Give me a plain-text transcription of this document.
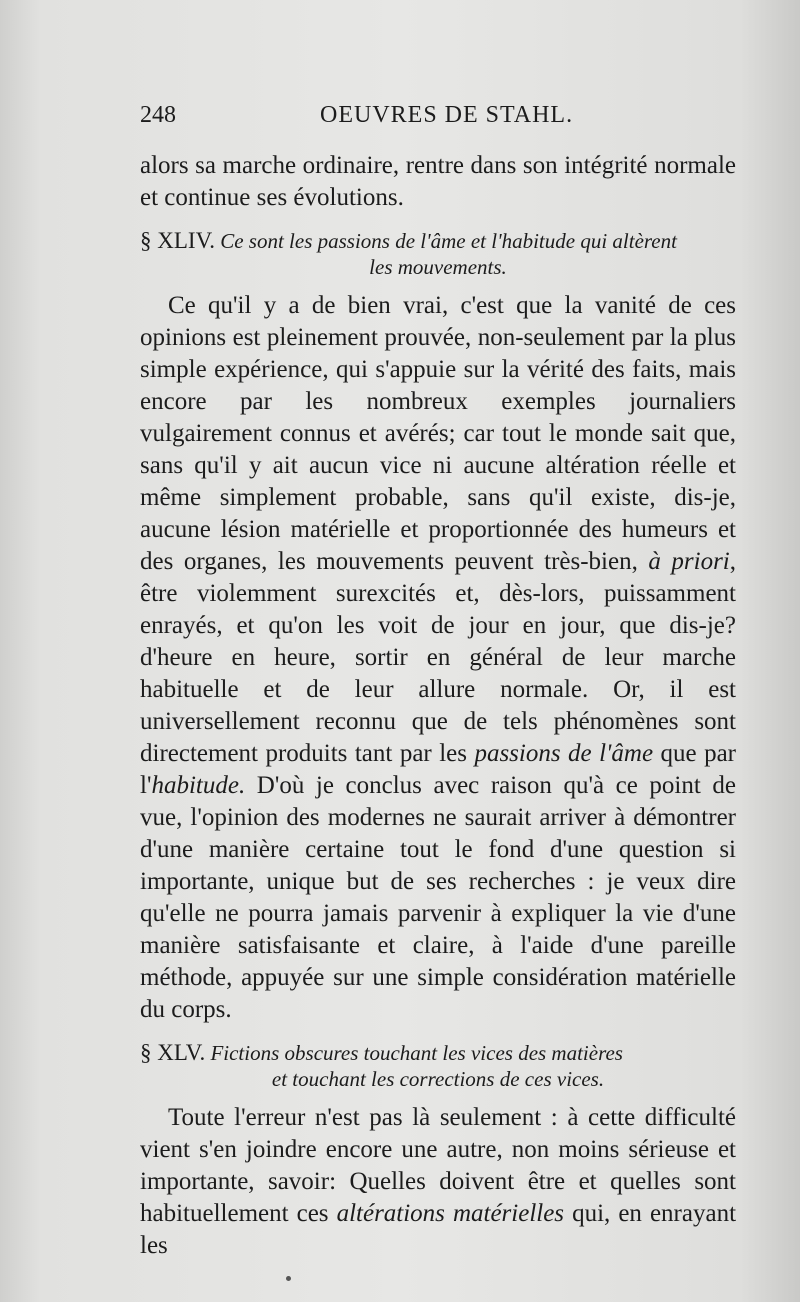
248	OEUVRES DE STAHL.

alors sa marche ordinaire, rentre dans son intégrité normale et continue ses évolutions.

§ XLIV. Ce sont les passions de l'âme et l'habitude qui altèrent
les mouvements.

Ce qu'il y a de bien vrai, c'est que la vanité de ces opinions est pleinement prouvée, non-seulement par la plus simple expérience, qui s'appuie sur la vérité des faits, mais encore par les nombreux exemples journaliers vulgairement connus et avérés; car tout le monde sait que, sans qu'il y ait aucun vice ni aucune altération réelle et même simplement probable, sans qu'il existe, dis-je, aucune lésion matérielle et proportionnée des humeurs et des organes, les mouvements peuvent très-bien, à priori, être violemment surexcités et, dès-lors, puissamment enrayés, et qu'on les voit de jour en jour, que dis-je? d'heure en heure, sortir en général de leur marche habituelle et de leur allure normale. Or, il est universellement reconnu que de tels phénomènes sont directement produits tant par les passions de l'âme que par l'habitude. D'où je conclus avec raison qu'à ce point de vue, l'opinion des modernes ne saurait arriver à démontrer d'une manière certaine tout le fond d'une question si importante, unique but de ses recherches : je veux dire qu'elle ne pourra jamais parvenir à expliquer la vie d'une manière satisfaisante et claire, à l'aide d'une pareille méthode, appuyée sur une simple considération matérielle du corps.

§ XLV. Fictions obscures touchant les vices des matières
et touchant les corrections de ces vices.

Toute l'erreur n'est pas là seulement : à cette difficulté vient s'en joindre encore une autre, non moins sérieuse et importante, savoir: Quelles doivent être et quelles sont habituellement ces altérations matérielles qui, en enrayant les
